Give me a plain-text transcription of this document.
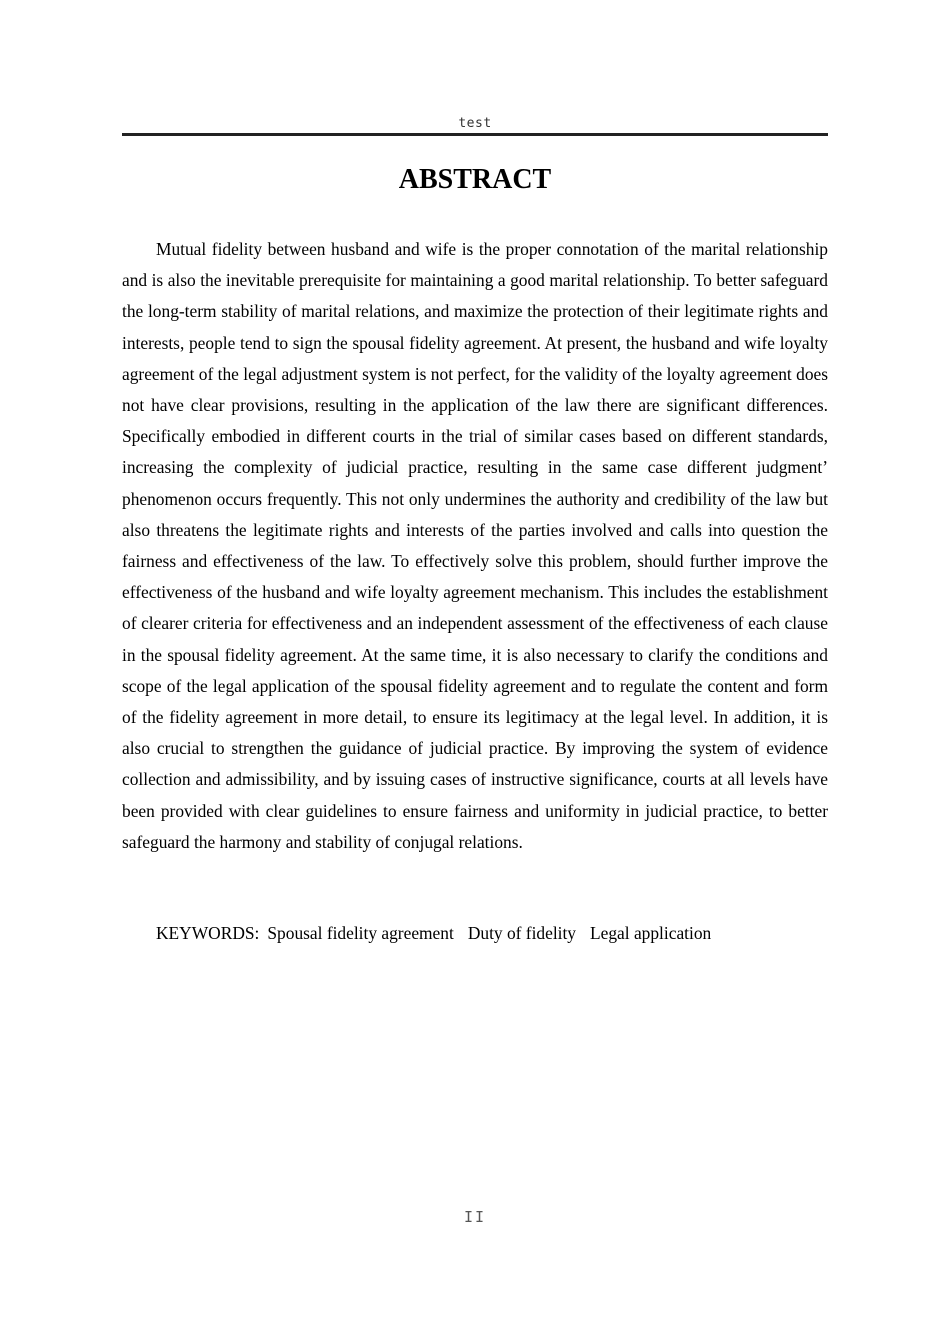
test
ABSTRACT

Mutual fidelity between husband and wife is the proper connotation of the marital relationship and is also the inevitable prerequisite for maintaining a good marital relationship. To better safeguard the long-term stability of marital relations, and maximize the protection of their legitimate rights and interests, people tend to sign the spousal fidelity agreement. At present, the husband and wife loyalty agreement of the legal adjustment system is not perfect, for the validity of the loyalty agreement does not have clear provisions, resulting in the application of the law there are significant differences. Specifically embodied in different courts in the trial of similar cases based on different standards, increasing the complexity of judicial practice, resulting in the same case different judgment’ phenomenon occurs frequently. This not only undermines the authority and credibility of the law but also threatens the legitimate rights and interests of the parties involved and calls into question the fairness and effectiveness of the law. To effectively solve this problem, should further improve the effectiveness of the husband and wife loyalty agreement mechanism. This includes the establishment of clearer criteria for effectiveness and an independent assessment of the effectiveness of each clause in the spousal fidelity agreement. At the same time, it is also necessary to clarify the conditions and scope of the legal application of the spousal fidelity agreement and to regulate the content and form of the fidelity agreement in more detail, to ensure its legitimacy at the legal level. In addition, it is also crucial to strengthen the guidance of judicial practice. By improving the system of evidence collection and admissibility, and by issuing cases of instructive significance, courts at all levels have been provided with clear guidelines to ensure fairness and uniformity in judicial practice, to better safeguard the harmony and stability of conjugal relations.

KEYWORDS: Spousal fidelity agreement Duty of fidelity Legal application

II
